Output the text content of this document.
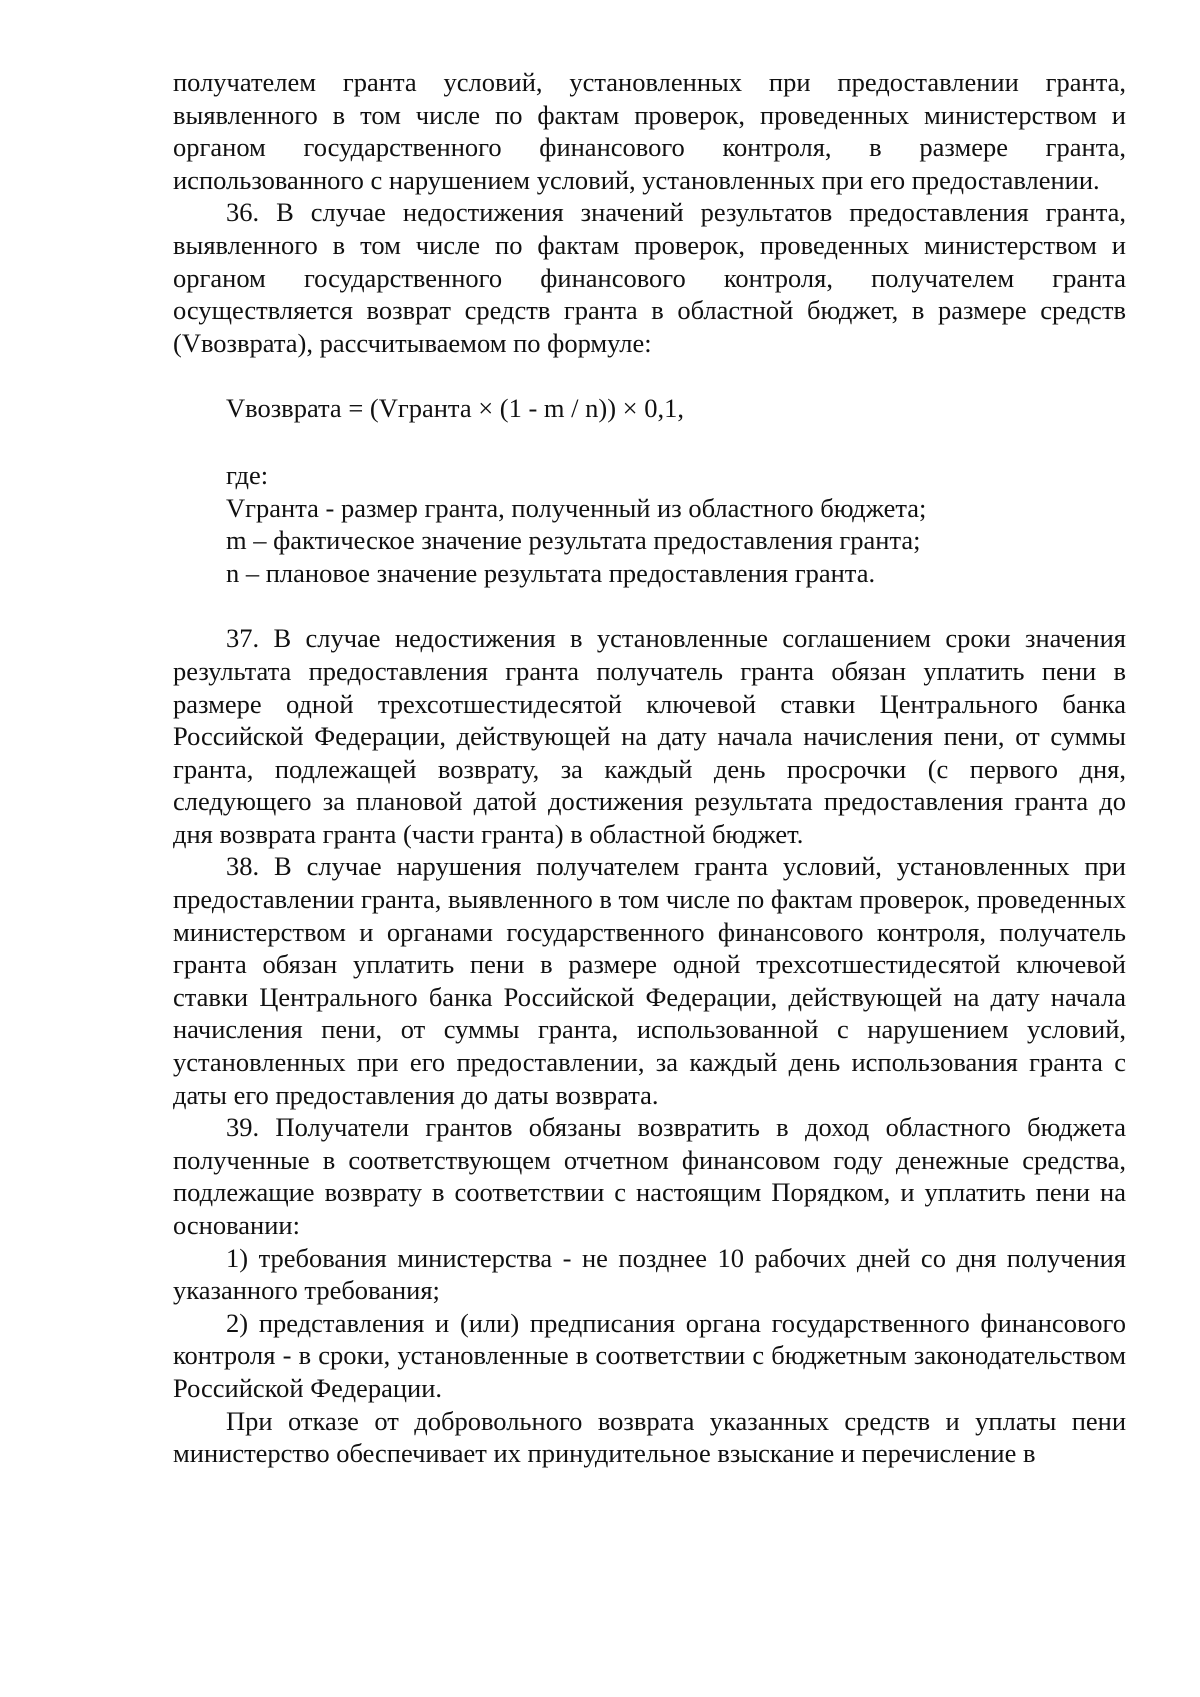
получателем гранта условий, установленных при предоставлении гранта, выявленного в том числе по фактам проверок, проведенных министерством и органом государственного финансового контроля, в размере гранта, использованного с нарушением условий, установленных при его предоставлении.

36. В случае недостижения значений результатов предоставления гранта, выявленного в том числе по фактам проверок, проведенных министерством и органом государственного финансового контроля, получателем гранта осуществляется возврат средств гранта в областной бюджет, в размере средств (Vвозврата), рассчитываемом по формуле:

Vвозврата = (Vгранта × (1 - m / n)) × 0,1,

где:
Vгранта - размер гранта, полученный из областного бюджета;
m – фактическое значение результата предоставления гранта;
n – плановое значение результата предоставления гранта.

37. В случае недостижения в установленные соглашением сроки значения результата предоставления гранта получатель гранта обязан уплатить пени в размере одной трехсотшестидесятой ключевой ставки Центрального банка Российской Федерации, действующей на дату начала начисления пени, от суммы гранта, подлежащей возврату, за каждый день просрочки (с первого дня, следующего за плановой датой достижения результата предоставления гранта до дня возврата гранта (части гранта) в областной бюджет.

38. В случае нарушения получателем гранта условий, установленных при предоставлении гранта, выявленного в том числе по фактам проверок, проведенных министерством и органами государственного финансового контроля, получатель гранта обязан уплатить пени в размере одной трехсотшестидесятой ключевой ставки Центрального банка Российской Федерации, действующей на дату начала начисления пени, от суммы гранта, использованной с нарушением условий, установленных при его предоставлении, за каждый день использования гранта с даты его предоставления до даты возврата.

39. Получатели грантов обязаны возвратить в доход областного бюджета полученные в соответствующем отчетном финансовом году денежные средства, подлежащие возврату в соответствии с настоящим Порядком, и уплатить пени на основании:

1) требования министерства - не позднее 10 рабочих дней со дня получения указанного требования;

2) представления и (или) предписания органа государственного финансового контроля - в сроки, установленные в соответствии с бюджетным законодательством Российской Федерации.

При отказе от добровольного возврата указанных средств и уплаты пени министерство обеспечивает их принудительное взыскание и перечисление в
